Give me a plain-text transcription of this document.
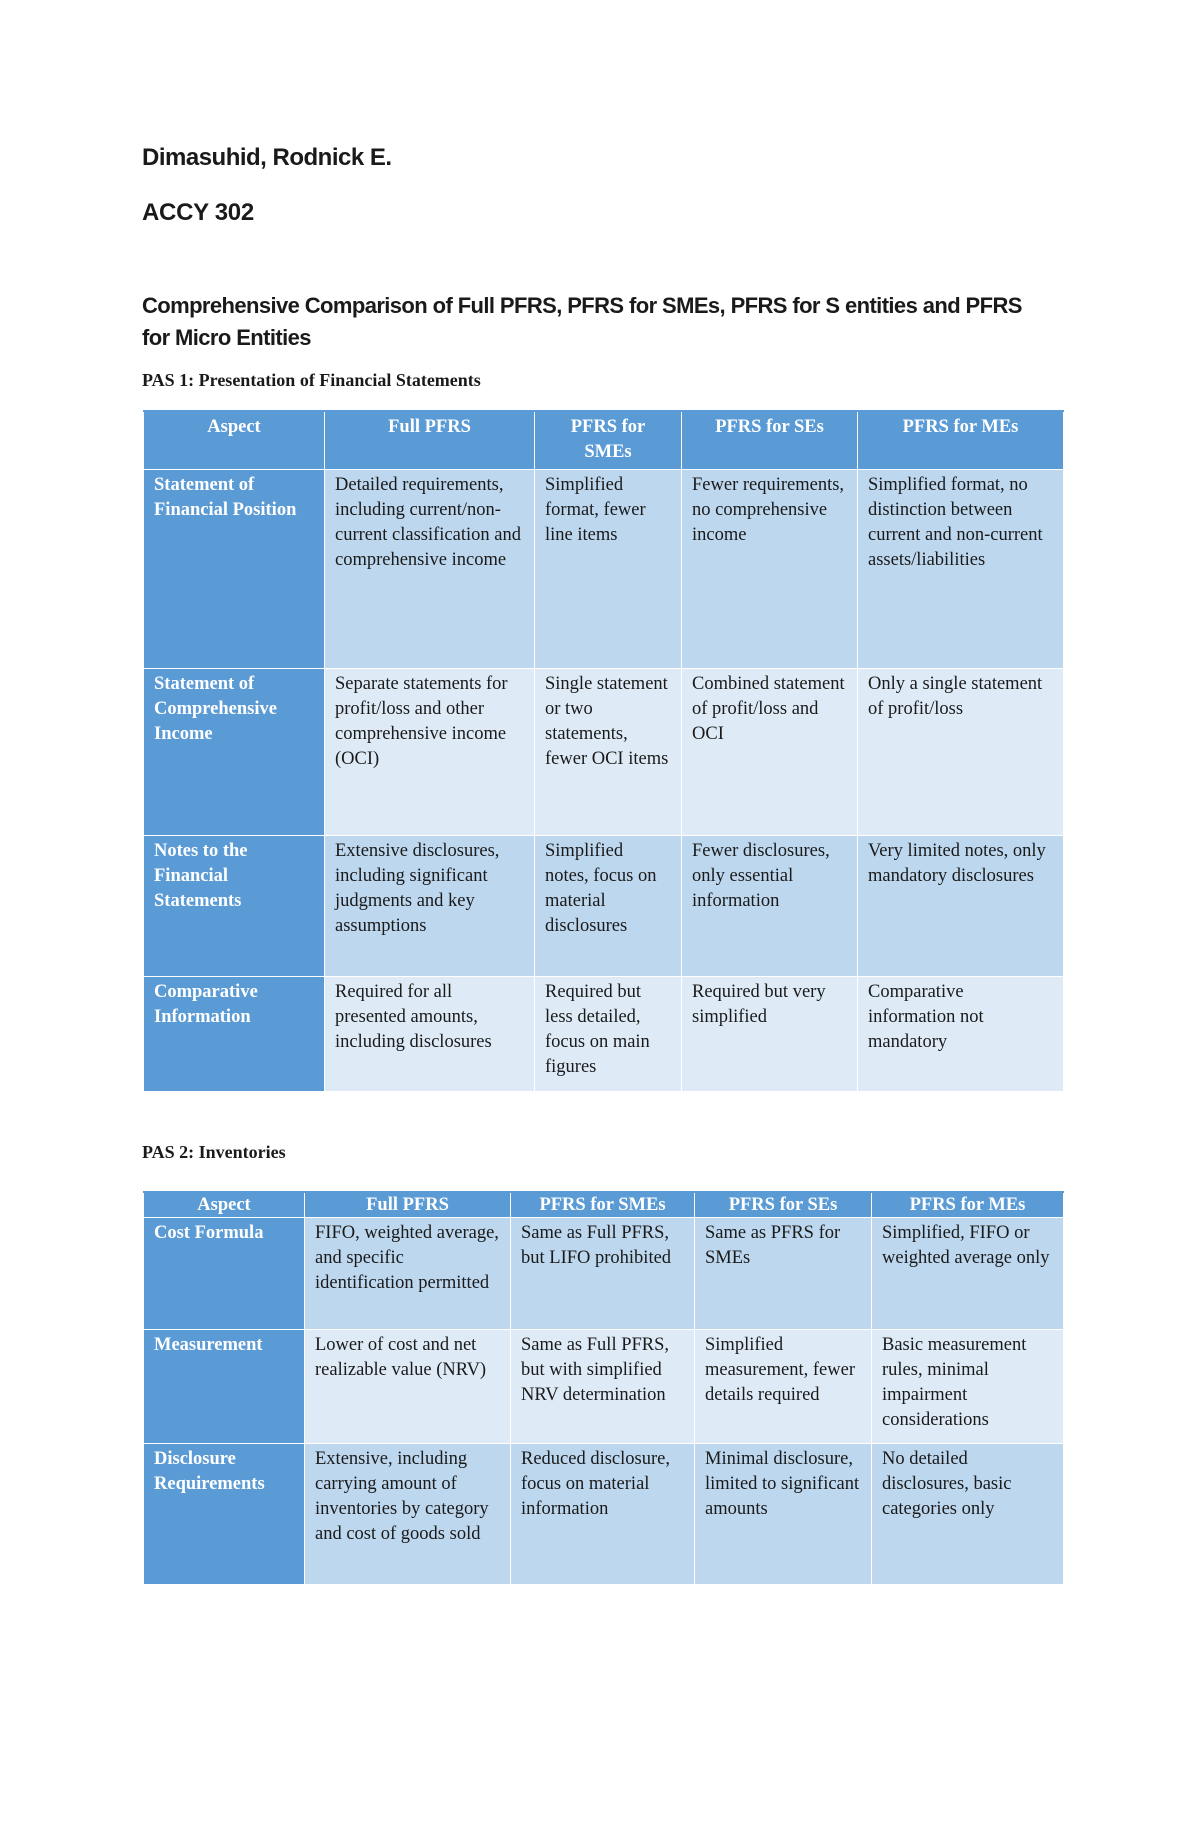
Dimasuhid, Rodnick E.
ACCY 302
Comprehensive Comparison of Full PFRS, PFRS for SMEs, PFRS for S entities and PFRS for Micro Entities
PAS 1: Presentation of Financial Statements
Aspect	Full PFRS	PFRS for SMEs	PFRS for SEs	PFRS for MEs
Statement of Financial Position	Detailed requirements, including current/non-current classification and comprehensive income	Simplified format, fewer line items	Fewer requirements, no comprehensive income	Simplified format, no distinction between current and non-current assets/liabilities
Statement of Comprehensive Income	Separate statements for profit/loss and other comprehensive income (OCI)	Single statement or two statements, fewer OCI items	Combined statement of profit/loss and OCI	Only a single statement of profit/loss
Notes to the Financial Statements	Extensive disclosures, including significant judgments and key assumptions	Simplified notes, focus on material disclosures	Fewer disclosures, only essential information	Very limited notes, only mandatory disclosures
Comparative Information	Required for all presented amounts, including disclosures	Required but less detailed, focus on main figures	Required but very simplified	Comparative information not mandatory
PAS 2: Inventories
Aspect	Full PFRS	PFRS for SMEs	PFRS for SEs	PFRS for MEs
Cost Formula	FIFO, weighted average, and specific identification permitted	Same as Full PFRS, but LIFO prohibited	Same as PFRS for SMEs	Simplified, FIFO or weighted average only
Measurement	Lower of cost and net realizable value (NRV)	Same as Full PFRS, but with simplified NRV determination	Simplified measurement, fewer details required	Basic measurement rules, minimal impairment considerations
Disclosure Requirements	Extensive, including carrying amount of inventories by category and cost of goods sold	Reduced disclosure, focus on material information	Minimal disclosure, limited to significant amounts	No detailed disclosures, basic categories only
